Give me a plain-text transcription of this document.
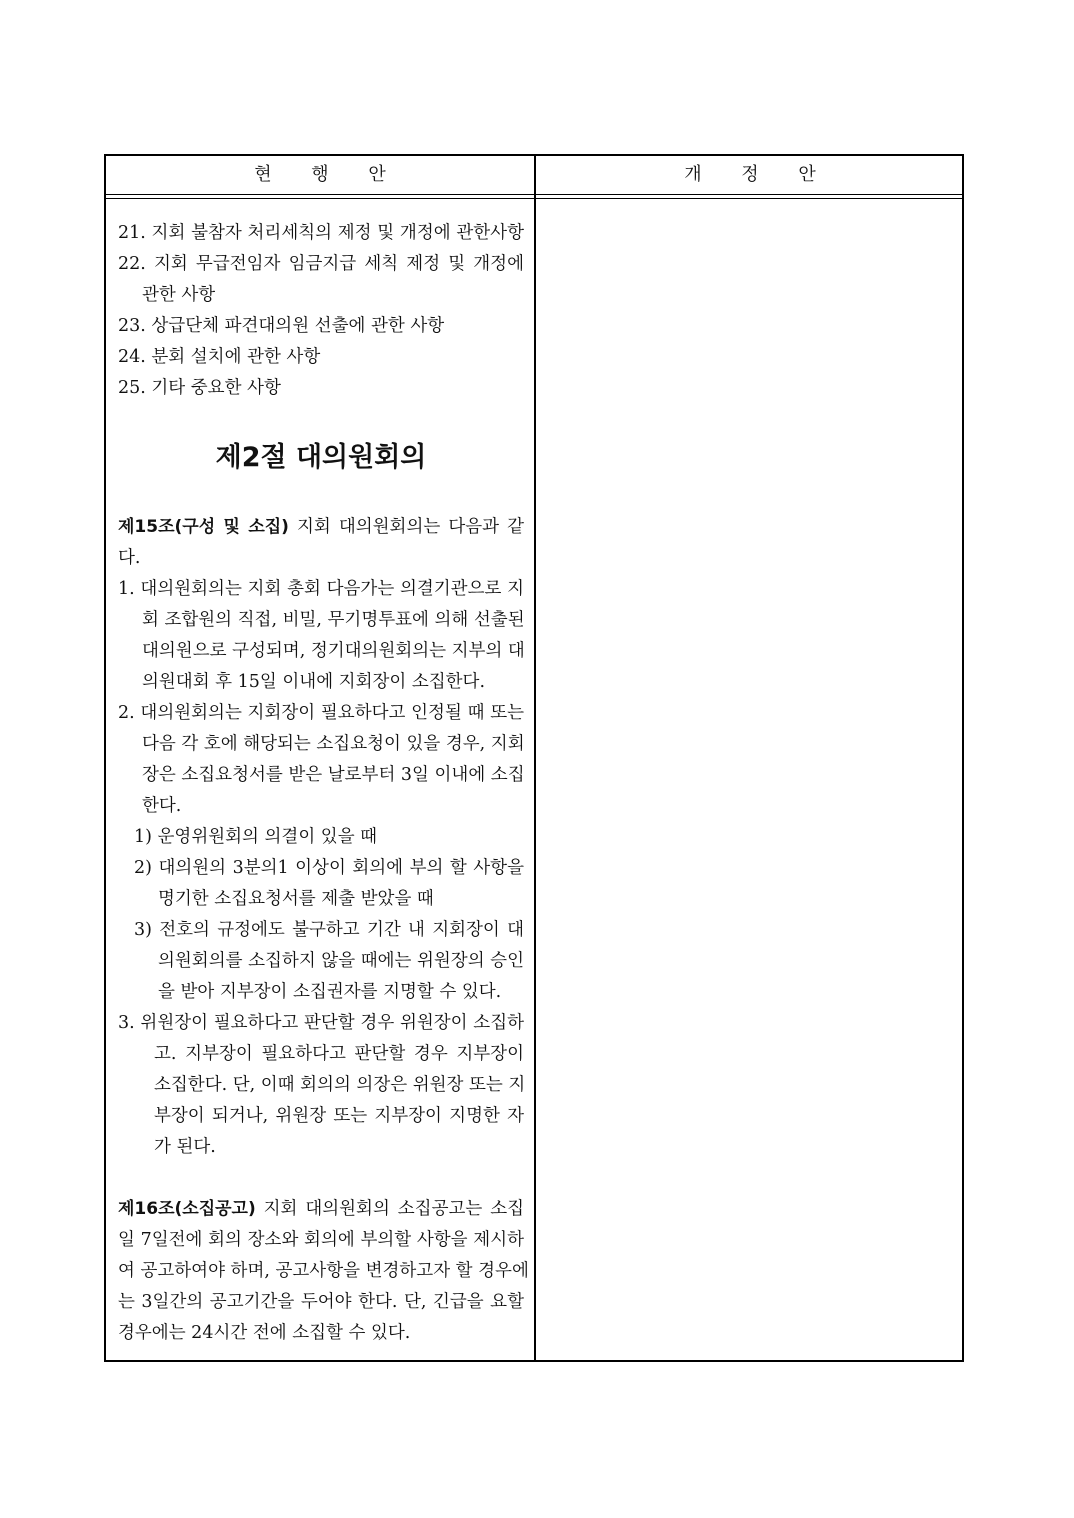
현 행 안	개 정 안
21. 지회 불참자 처리세칙의 제정 및 개정에 관한사항
22. 지회 무급전임자 임금지급 세칙 제정 및 개정에
관한 사항
23. 상급단체 파견대의원 선출에 관한 사항
24. 분회 설치에 관한 사항
25. 기타 중요한 사항
제2절 대의원회의
제15조(구성 및 소집) 지회 대의원회의는 다음과 같
다.
1. 대의원회의는 지회 총회 다음가는 의결기관으로 지
회 조합원의 직접, 비밀, 무기명투표에 의해 선출된
대의원으로 구성되며, 정기대의원회의는 지부의 대
의원대회 후 15일 이내에 지회장이 소집한다.
2. 대의원회의는 지회장이 필요하다고 인정될 때 또는
다음 각 호에 해당되는 소집요청이 있을 경우, 지회
장은 소집요청서를 받은 날로부터 3일 이내에 소집
한다.
1) 운영위원회의 의결이 있을 때
2) 대의원의 3분의1 이상이 회의에 부의 할 사항을
명기한 소집요청서를 제출 받았을 때
3) 전호의 규정에도 불구하고 기간 내 지회장이 대
의원회의를 소집하지 않을 때에는 위원장의 승인
을 받아 지부장이 소집권자를 지명할 수 있다.
3. 위원장이 필요하다고 판단할 경우 위원장이 소집하
고. 지부장이 필요하다고 판단할 경우 지부장이
소집한다. 단, 이때 회의의 의장은 위원장 또는 지
부장이 되거나, 위원장 또는 지부장이 지명한 자
가 된다.
제16조(소집공고) 지회 대의원회의 소집공고는 소집
일 7일전에 회의 장소와 회의에 부의할 사항을 제시하
여 공고하여야 하며, 공고사항을 변경하고자 할 경우에
는 3일간의 공고기간을 두어야 한다. 단, 긴급을 요할
경우에는 24시간 전에 소집할 수 있다.
